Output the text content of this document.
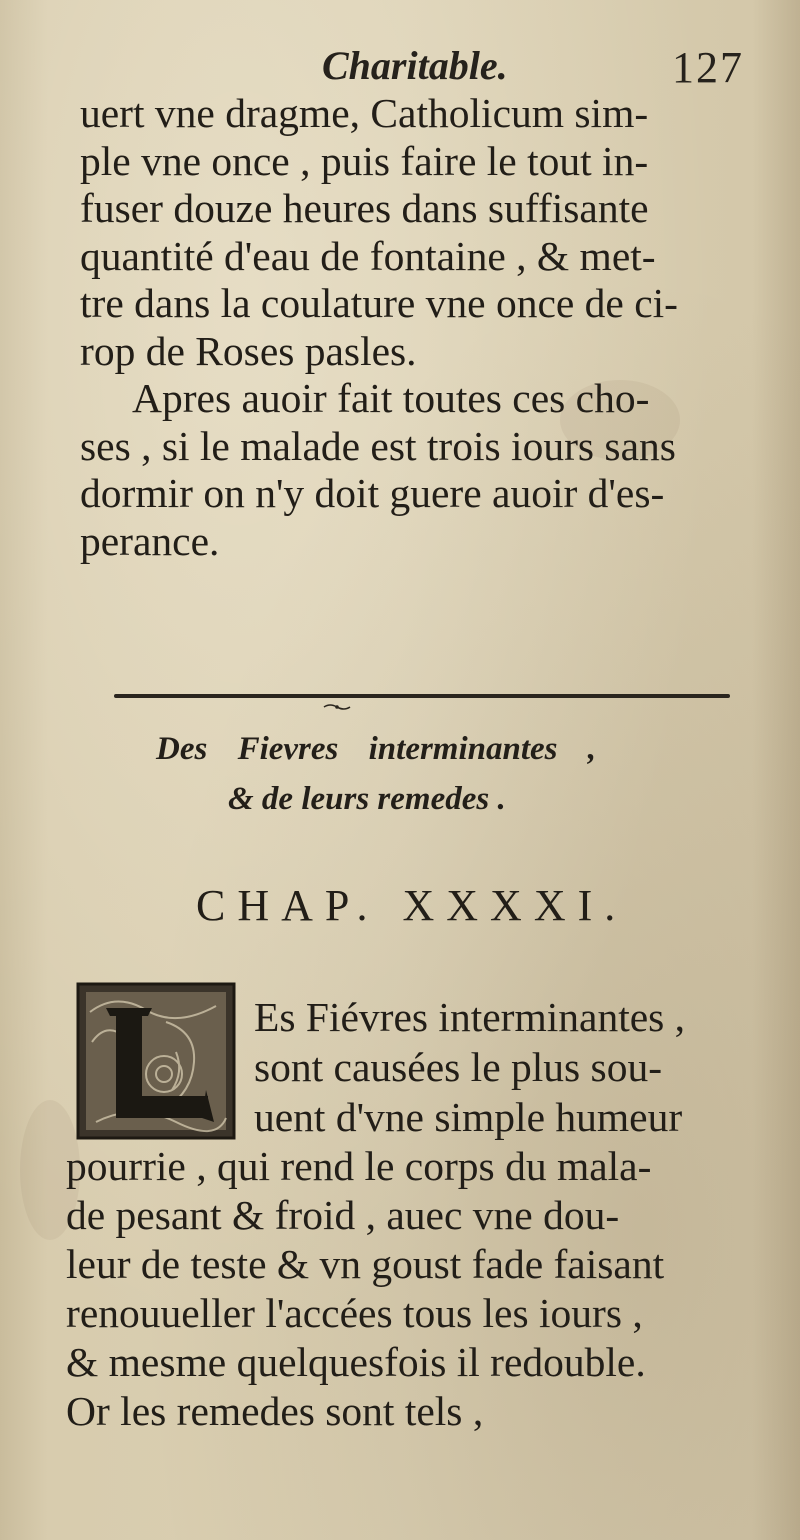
Charitable.	127
uert vne dragme, Catholicum sim-
ple vne once , puis faire le tout in-
fuser douze heures dans suffisante
quantité d'eau de fontaine , & met-
tre dans la coulature vne once de ci-
rop de Roses pasles.
Apres auoir fait toutes ces cho-
ses , si le malade est trois iours sans
dormir on n'y doit guere auoir d'es-
perance.
Des Fievres interminantes ,
& de leurs remedes .
CHAP. XXXXI.
L
Es Fiévres interminantes ,
sont causées le plus sou-
uent d'vne simple humeur
pourrie , qui rend le corps du mala-
de pesant & froid , auec vne dou-
leur de teste & vn goust fade faisant
renouueller l'accées tous les iours ,
& mesme quelquesfois il redouble.
Or les remedes sont tels ,
